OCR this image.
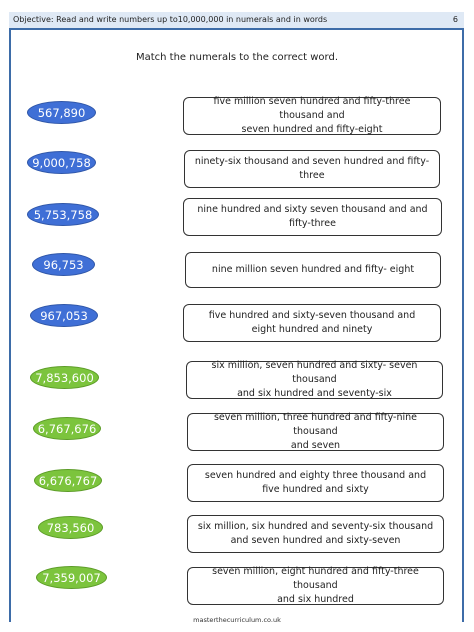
Objective: Read and write numbers up to10,000,000 in numerals and in words	6
Match the numerals to the correct word.
567,890
9,000,758
5,753,758
96,753
967,053
7,853,600
6,767,676
6,676,767
783,560
7,359,007
five million seven hundred and fifty-three thousand and
seven hundred and fifty-eight
ninety-six thousand and seven hundred and fifty-three
nine hundred and sixty seven thousand and and fifty-three
nine million seven hundred and fifty- eight
five hundred and sixty-seven thousand and
eight hundred and ninety
six million, seven hundred and sixty- seven thousand
and six hundred and seventy-six
seven million, three hundred and fifty-nine thousand
and seven
seven hundred and eighty three thousand and
five hundred and sixty
six million, six hundred and seventy-six thousand
and seven hundred and sixty-seven
seven million, eight hundred and fifty-three thousand
and six hundred
masterthecurriculum.co.uk
